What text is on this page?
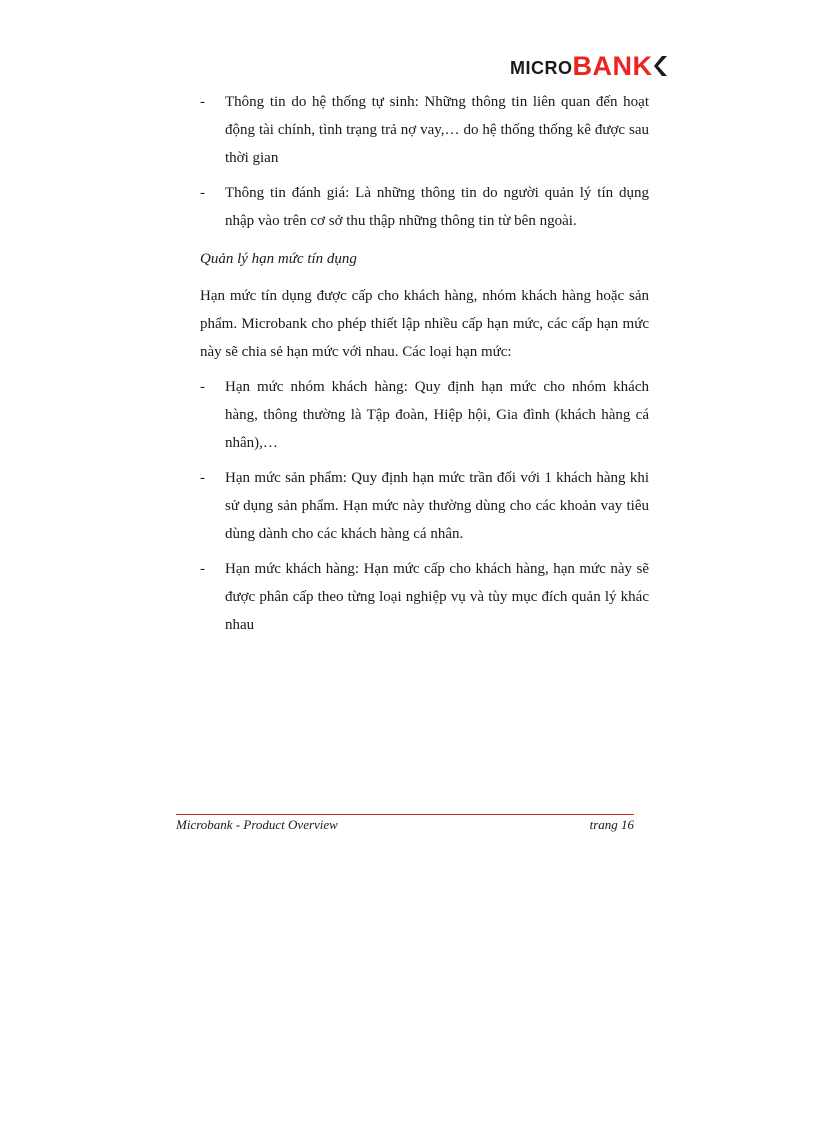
MICRO BANK
- Thông tin do hệ thống tự sinh: Những thông tin liên quan đến hoạt động tài chính, tình trạng trả nợ vay,… do hệ thống thống kê được sau thời gian
- Thông tin đánh giá: Là những thông tin do người quản lý tín dụng nhập vào trên cơ sở thu thập những thông tin từ bên ngoài.
Quản lý hạn mức tín dụng
Hạn mức tín dụng được cấp cho khách hàng, nhóm khách hàng hoặc sản phẩm. Microbank cho phép thiết lập nhiều cấp hạn mức, các cấp hạn mức này sẽ chia sẻ hạn mức với nhau. Các loại hạn mức:
- Hạn mức nhóm khách hàng: Quy định hạn mức cho nhóm khách hàng, thông thường là Tập đoàn, Hiệp hội, Gia đình (khách hàng cá nhân),…
- Hạn mức sản phẩm: Quy định hạn mức trần đối với 1 khách hàng khi sử dụng sản phẩm. Hạn mức này thường dùng cho các khoản vay tiêu dùng dành cho các khách hàng cá nhân.
- Hạn mức khách hàng: Hạn mức cấp cho khách hàng, hạn mức này sẽ được phân cấp theo từng loại nghiệp vụ và tùy mục đích quản lý khác nhau
Microbank - Product Overview	trang 16
